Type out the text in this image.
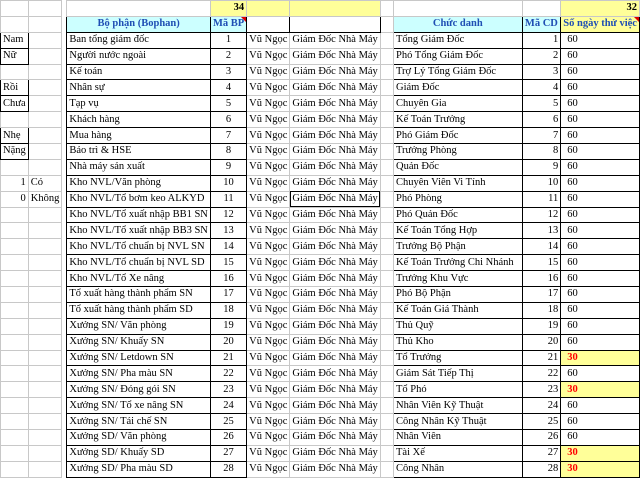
				34						32
			Bộ phận (Bophan)	Mã BP				Chức danh	Mã CD	Số ngày thử việc
Nam			Ban tổng giám đốc	1	Vũ Ngọc	Giám Đốc Nhà Máy		Tổng Giám Đốc	1	60
Nữ			Người nước ngoài	2	Vũ Ngọc	Giám Đốc Nhà Máy		Phó Tổng Giám Đốc	2	60
			Kế toán	3	Vũ Ngọc	Giám Đốc Nhà Máy		Trợ Lý Tổng Giám Đốc	3	60
Rồi			Nhân sự	4	Vũ Ngọc	Giám Đốc Nhà Máy		Giám Đốc	4	60
Chưa			Tạp vụ	5	Vũ Ngọc	Giám Đốc Nhà Máy		Chuyên Gia	5	60
			Khách hàng	6	Vũ Ngọc	Giám Đốc Nhà Máy		Kế Toán Trưởng	6	60
Nhẹ			Mua hàng	7	Vũ Ngọc	Giám Đốc Nhà Máy		Phó Giám Đốc	7	60
Nặng			Bảo trì & HSE	8	Vũ Ngọc	Giám Đốc Nhà Máy		Trưởng Phòng	8	60
			Nhà máy sản xuất	9	Vũ Ngọc	Giám Đốc Nhà Máy		Quản Đốc	9	60
1	Có		Kho NVL/Văn phòng	10	Vũ Ngọc	Giám Đốc Nhà Máy		Chuyên Viên Vi Tính	10	60
0	Không		Kho NVL/Tổ bơm keo ALKYD	11	Vũ Ngọc	Giám Đốc Nhà Máy		Phó Phòng	11	60
			Kho NVL/Tổ xuất nhập BB1 SN	12	Vũ Ngọc	Giám Đốc Nhà Máy		Phó Quản Đốc	12	60
			Kho NVL/Tổ xuất nhập BB3 SN	13	Vũ Ngọc	Giám Đốc Nhà Máy		Kế Toán Tổng Hợp	13	60
			Kho NVL/Tổ chuẩn bị NVL SN	14	Vũ Ngọc	Giám Đốc Nhà Máy		Trưởng Bộ Phận	14	60
			Kho NVL/Tổ chuẩn bị NVL SD	15	Vũ Ngọc	Giám Đốc Nhà Máy		Kế Toán Trưởng Chi Nhánh	15	60
			Kho NVL/Tổ Xe nâng	16	Vũ Ngọc	Giám Đốc Nhà Máy		Trưởng Khu Vực	16	60
			Tổ xuất hàng thành phẩm SN	17	Vũ Ngọc	Giám Đốc Nhà Máy		Phó Bộ Phận	17	60
			Tổ xuất hàng thành phẩm SD	18	Vũ Ngọc	Giám Đốc Nhà Máy		Kế Toán Giá Thành	18	60
			Xưởng SN/ Văn phòng	19	Vũ Ngọc	Giám Đốc Nhà Máy		Thủ Quỹ	19	60
			Xưởng SN/ Khuấy SN	20	Vũ Ngọc	Giám Đốc Nhà Máy		Thủ Kho	20	60
			Xưởng SN/ Letdown SN	21	Vũ Ngọc	Giám Đốc Nhà Máy		Tổ Trưởng	21	30
			Xưởng SN/ Pha màu SN	22	Vũ Ngọc	Giám Đốc Nhà Máy		Giám Sát Tiếp Thị	22	60
			Xưởng SN/ Đóng gói SN	23	Vũ Ngọc	Giám Đốc Nhà Máy		Tổ Phó	23	30
			Xưởng SN/ Tổ xe nâng SN	24	Vũ Ngọc	Giám Đốc Nhà Máy		Nhân Viên Kỹ Thuật	24	60
			Xưởng SN/ Tái chế SN	25	Vũ Ngọc	Giám Đốc Nhà Máy		Công Nhân Kỹ Thuật	25	60
			Xưởng SD/ Văn phòng	26	Vũ Ngọc	Giám Đốc Nhà Máy		Nhân Viên	26	60
			Xưởng SD/ Khuấy SD	27	Vũ Ngọc	Giám Đốc Nhà Máy		Tài Xế	27	30
			Xưởng SD/ Pha màu SD	28	Vũ Ngọc	Giám Đốc Nhà Máy		Công Nhân	28	30
